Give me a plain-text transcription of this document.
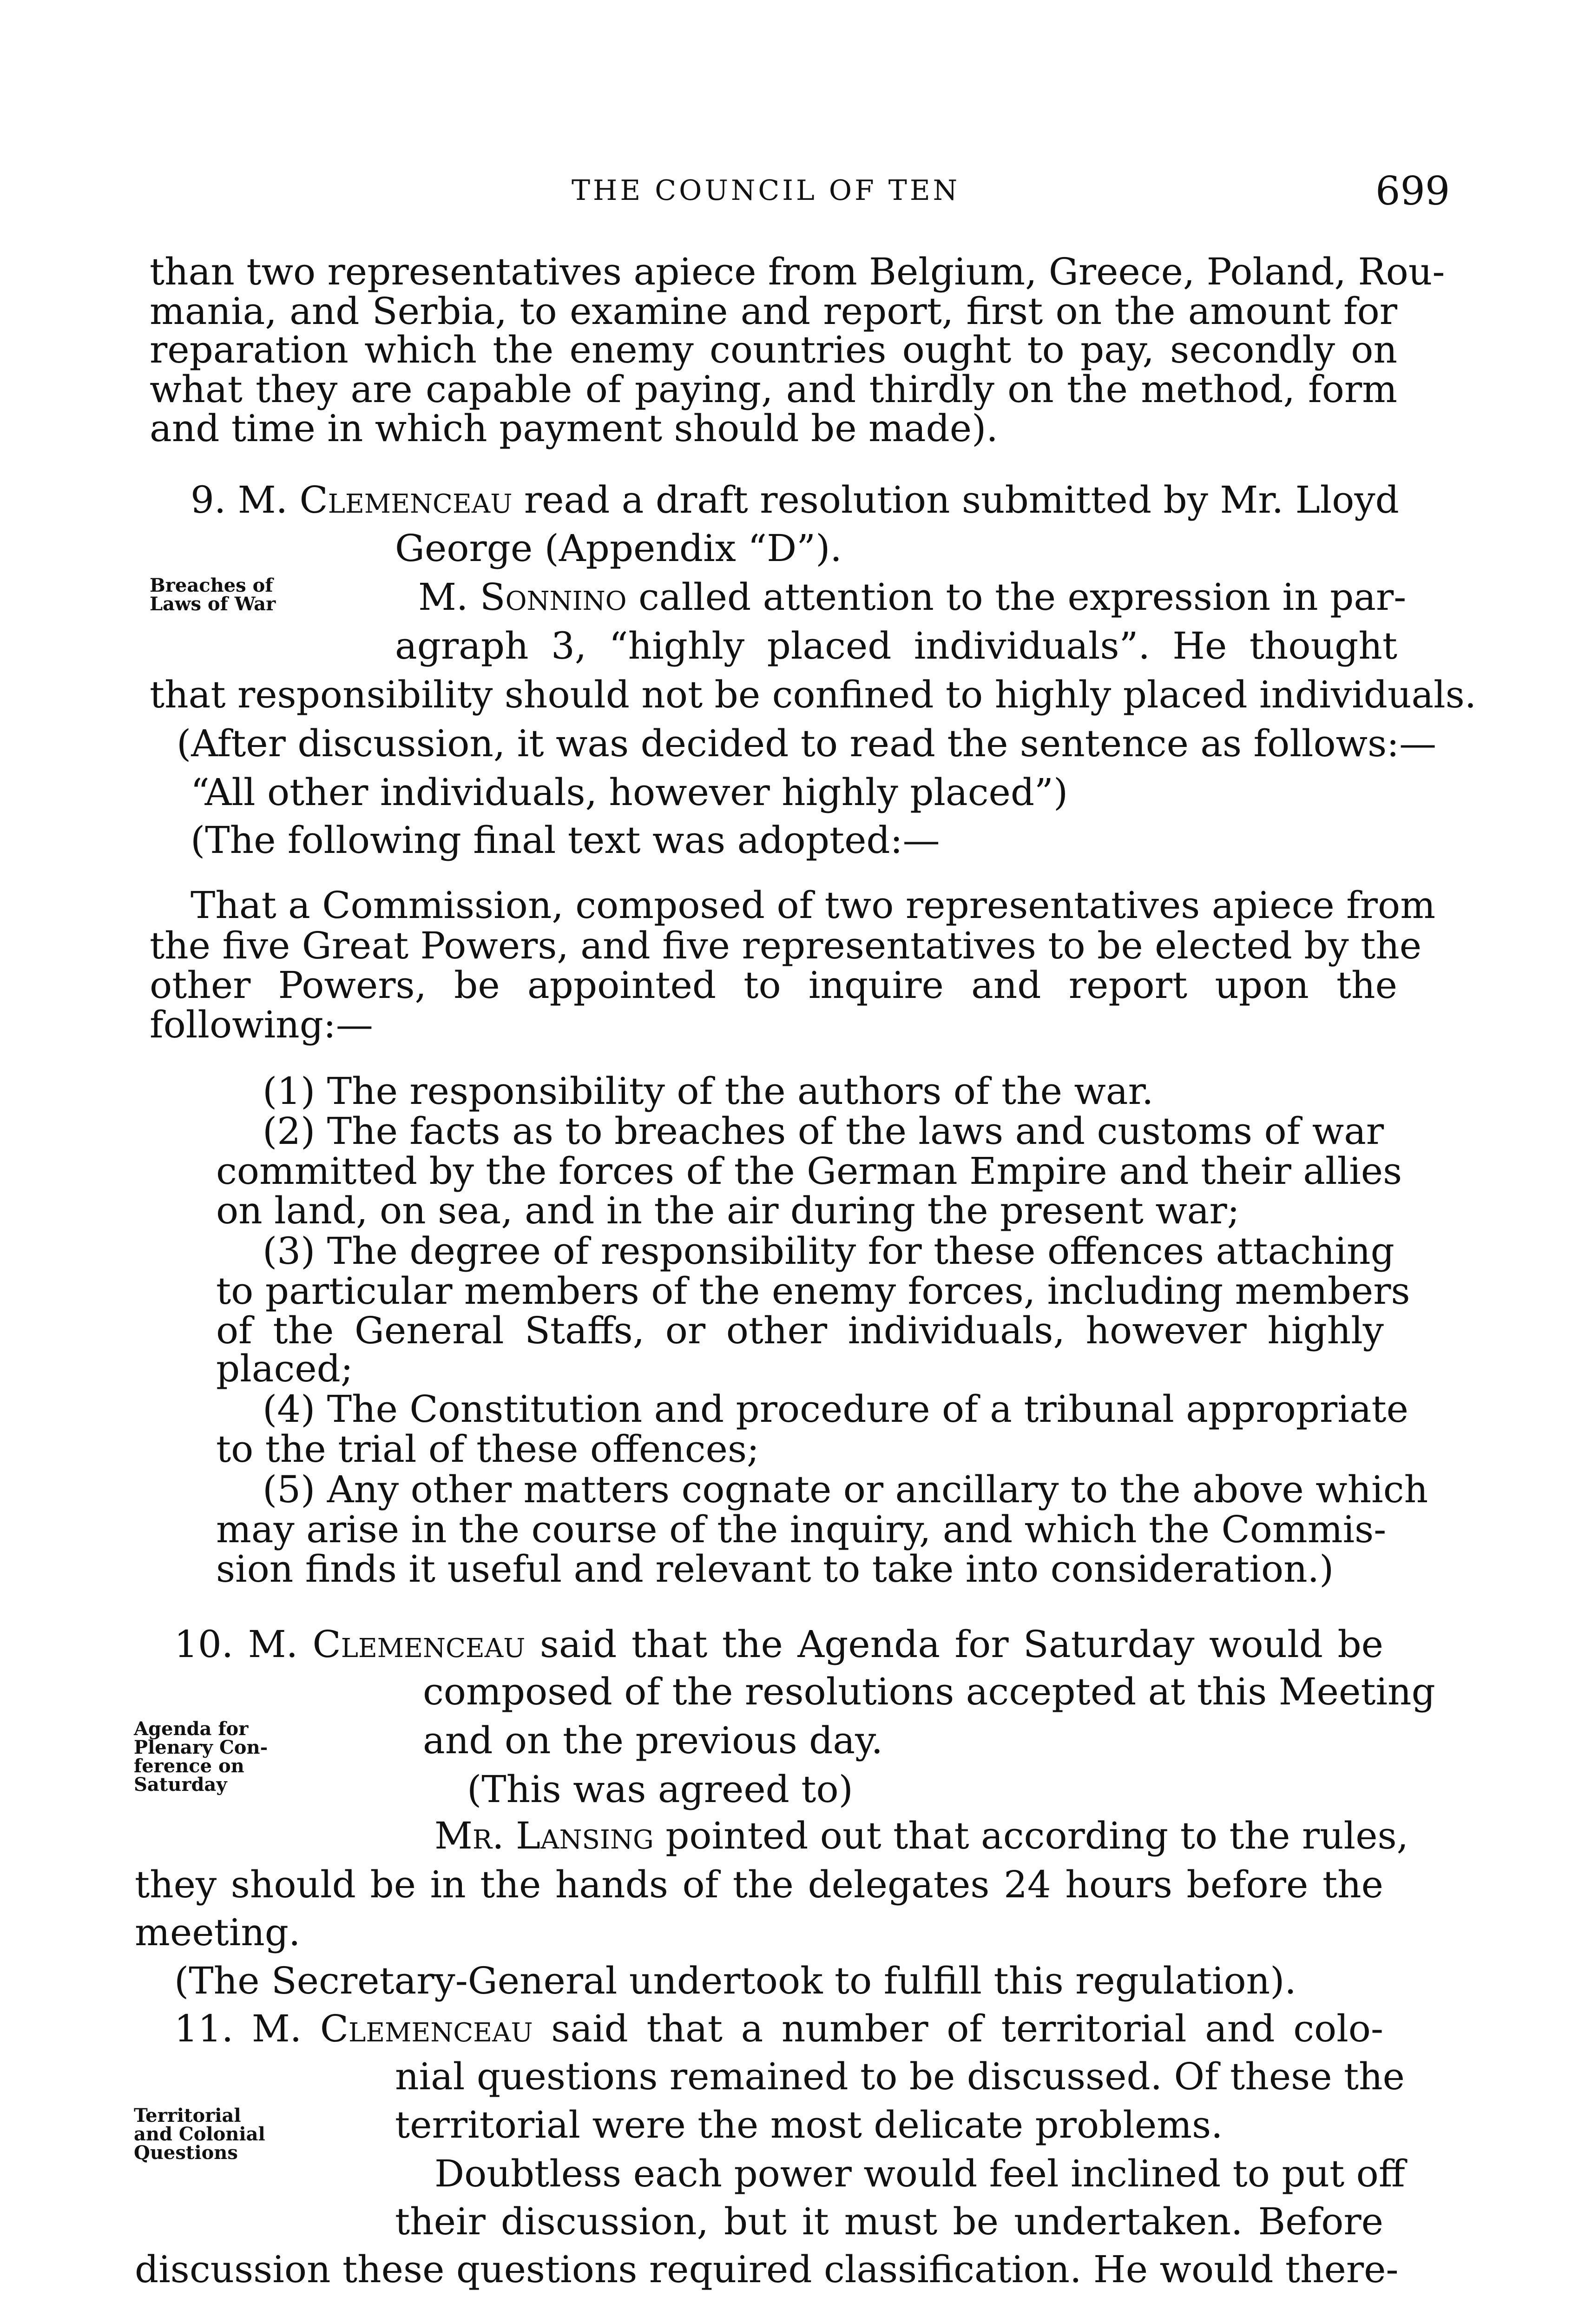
THE COUNCIL OF TEN	699
than two representatives apiece from Belgium, Greece, Poland, Rou-
mania, and Serbia, to examine and report, first on the amount for
reparation which the enemy countries ought to pay, secondly on
what they are capable of paying, and thirdly on the method, form
and time in which payment should be made).
9. M. Clemenceau read a draft resolution submitted by Mr. Lloyd
George (Appendix “D”).
Breaches of
Laws of War	M. Sonnino called attention to the expression in par-
agraph 3, “highly placed individuals”. He thought
that responsibility should not be confined to highly placed individuals.
(After discussion, it was decided to read the sentence as follows:—
“All other individuals, however highly placed”)
(The following final text was adopted:—
That a Commission, composed of two representatives apiece from
the five Great Powers, and five representatives to be elected by the
other Powers, be appointed to inquire and report upon the
following:—
(1) The responsibility of the authors of the war.
(2) The facts as to breaches of the laws and customs of war
committed by the forces of the German Empire and their allies
on land, on sea, and in the air during the present war;
(3) The degree of responsibility for these offences attaching
to particular members of the enemy forces, including members
of the General Staffs, or other individuals, however highly
placed;
(4) The Constitution and procedure of a tribunal appropriate
to the trial of these offences;
(5) Any other matters cognate or ancillary to the above which
may arise in the course of the inquiry, and which the Commis-
sion finds it useful and relevant to take into consideration.)
10. M. Clemenceau said that the Agenda for Saturday would be
composed of the resolutions accepted at this Meeting
Agenda for
Plenary Con-
ference on
Saturday
and on the previous day.
(This was agreed to)
Mr. Lansing pointed out that according to the rules,
they should be in the hands of the delegates 24 hours before the
meeting.
(The Secretary-General undertook to fulfill this regulation).
11. M. Clemenceau said that a number of territorial and colo-
nial questions remained to be discussed. Of these the
Territorial
and Colonial
Questions
territorial were the most delicate problems.
Doubtless each power would feel inclined to put off
their discussion, but it must be undertaken. Before
discussion these questions required classification. He would there-
